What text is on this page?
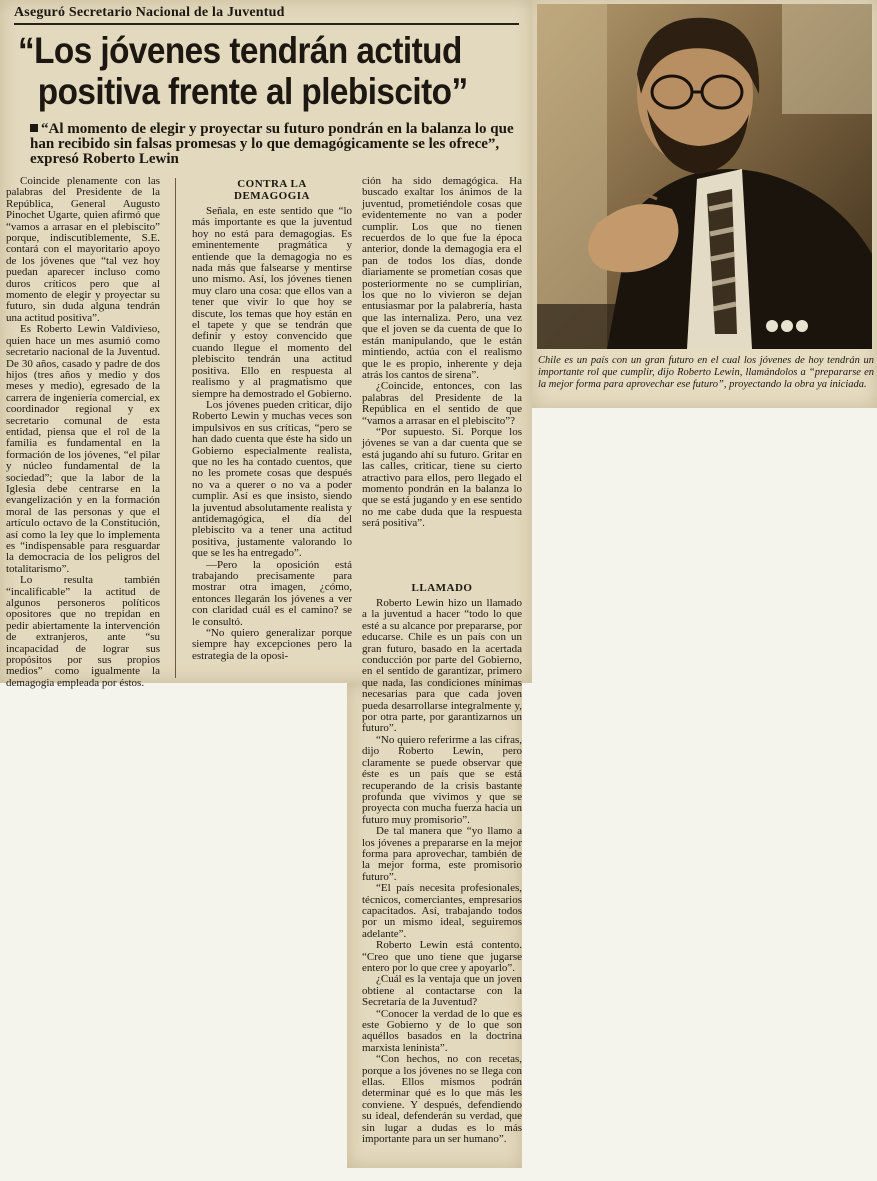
Aseguró Secretario Nacional de la Juventud
“Los jóvenes tendrán actitud
positiva frente al plebiscito”
“Al momento de elegir y proyectar su futuro pondrán en la balanza lo que han recibido sin falsas promesas y lo que demagógicamente se les ofrece”, expresó Roberto Lewin

Coincide plenamente con las palabras del Presidente de la República, General Augusto Pinochet Ugarte, quien afirmó que “vamos a arrasar en el plebiscito” porque, indiscutiblemente, S.E. contará con el mayoritario apoyo de los jóvenes que “tal vez hoy puedan aparecer incluso como duros críticos pero que al momento de elegir y proyectar su futuro, sin duda alguna tendrán una actitud positiva”.

Es Roberto Lewin Valdivieso, quien hace un mes asumió como secretario nacional de la Juventud. De 30 años, casado y padre de dos hijos (tres años y medio y dos meses y medio), egresado de la carrera de ingeniería comercial, ex coordinador regional y ex secretario comunal de esta entidad, piensa que el rol de la familia es fundamental en la formación de los jóvenes, “el pilar y núcleo fundamental de la sociedad”; que la labor de la Iglesia debe centrarse en la evangelización y en la formación moral de las personas y que el artículo octavo de la Constitución, así como la ley que lo implementa es “indispensable para resguardar la democracia de los peligros del totalitarismo”.

Lo resulta también “incalificable” la actitud de algunos personeros políticos opositores que no trepidan en pedir abiertamente la intervención de extranjeros, ante “su incapacidad de lograr sus propósitos por sus propios medios” como igualmente la demagogia empleada por éstos.

CONTRA LA
DEMAGOGIA

Señala, en este sentido que “lo más importante es que la juventud hoy no está para demagogias. Es eminentemente pragmática y entiende que la demagogia no es nada más que falsearse y mentirse uno mismo. Así, los jóvenes tienen muy claro una cosa: que ellos van a tener que vivir lo que hoy se discute, los temas que hoy están en el tapete y que se tendrán que definir y estoy convencido que cuando llegue el momento del plebiscito tendrán una actitud positiva. Ello en respuesta al realismo y al pragmatismo que siempre ha demostrado el Gobierno.

Los jóvenes pueden criticar, dijo Roberto Lewin y muchas veces son impulsivos en sus críticas, “pero se han dado cuenta que éste ha sido un Gobierno especialmente realista, que no les ha contado cuentos, que no les promete cosas que después no va a querer o no va a poder cumplir. Así es que insisto, siendo la juventud absolutamente realista y antidemagógica, el día del plebiscito va a tener una actitud positiva, justamente valorando lo que se les ha entregado”.

—Pero la oposición está trabajando precisamente para mostrar otra imagen, ¿cómo, entonces llegarán los jóvenes a ver con claridad cuál es el camino? se le consultó.

“No quiero generalizar porque siempre hay excepciones pero la estrategia de la oposi-

ción ha sido demagógica. Ha buscado exaltar los ánimos de la juventud, prometiéndole cosas que evidentemente no van a poder cumplir. Los que no tienen recuerdos de lo que fue la época anterior, donde la demagogia era el pan de todos los días, donde diariamente se prometían cosas que posteriormente no se cumplirían, los que no lo vivieron se dejan entusiasmar por la palabrería, hasta que las internaliza. Pero, una vez que el joven se da cuenta de que lo están manipulando, que le están mintiendo, actúa con el realismo que le es propio, inherente y deja atrás los cantos de sirena”.

¿Coincide, entonces, con las palabras del Presidente de la República en el sentido de que “vamos a arrasar en el plebiscito”?

“Por supuesto. Sí. Porque los jóvenes se van a dar cuenta que se está jugando ahí su futuro. Gritar en las calles, criticar, tiene su cierto atractivo para ellos, pero llegado el momento pondrán en la balanza lo que se está jugando y en ese sentido no me cabe duda que la respuesta será positiva”.

LLAMADO

Roberto Lewin hizo un llamado a la juventud a hacer “todo lo que esté a su alcance por prepararse, por educarse. Chile es un país con un gran futuro, basado en la acertada conducción por parte del Gobierno, en el sentido de garantizar, primero que nada, las condiciones mínimas necesarias para que cada joven pueda desarrollarse integralmente y, por otra parte, por garantizarnos un futuro”.

“No quiero referirme a las cifras, dijo Roberto Lewin, pero claramente se puede observar que éste es un país que se está recuperando de la crisis bastante profunda que vivimos y que se proyecta con mucha fuerza hacia un futuro muy promisorio”.

De tal manera que “yo llamo a los jóvenes a prepararse en la mejor forma para aprovechar, también de la mejor forma, este promisorio futuro”.

“El país necesita profesionales, técnicos, comerciantes, empresarios capacitados. Así, trabajando todos por un mismo ideal, seguiremos adelante”.

Roberto Lewin está contento. “Creo que uno tiene que jugarse entero por lo que cree y apoyarlo”.

¿Cuál es la ventaja que un joven obtiene al contactarse con la Secretaría de la Juventud?

“Conocer la verdad de lo que es este Gobierno y de lo que son aquéllos basados en la doctrina marxista leninista”.

“Con hechos, no con recetas, porque a los jóvenes no se llega con ellas. Ellos mismos podrán determinar qué es lo que más les conviene. Y después, defendiendo su ideal, defenderán su verdad, que sin lugar a dudas es lo más importante para un ser humano”.

Chile es un país con un gran futuro en el cual los jóvenes de hoy tendrán un importante rol que cumplir, dijo Roberto Lewin, llamándolos a “prepararse en la mejor forma para aprovechar ese futuro”, proyectando la obra ya iniciada.
